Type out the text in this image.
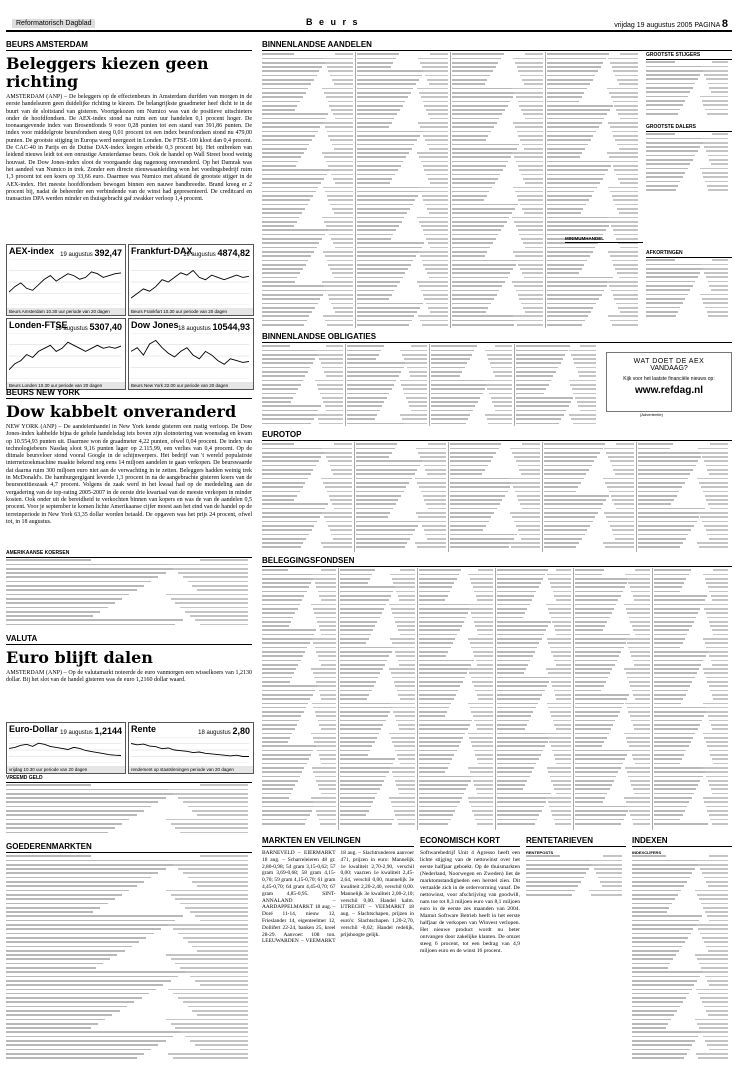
Reformatorisch Dagblad	B e u r s	vrijdag 19 augustus 2005 PAGINA 8
BEURS AMSTERDAM
Beleggers kiezen geen richting
AMSTERDAM (ANP) – De beleggers op de effectenbeurs in Amsterdam durfden van morgen in de eerste handelsuren geen duidelijke richting te kiezen. De belangrijkste graadmeter heef dicht te in de buurt van de sloitstand van gisteren. Voortgekozen om Numico was van de positieve uitschieters onder de hoofdfondsen. De AEX-index stond na ruim een uur handelen 0,1 procent hoger. De toonaangevende index van Brosentfonds 9 voor 0,28 punten tot een stand van 391,86 punten. De index voor middelgrote beursfondsen steeg 0,01 procent tot een index beursfondsen stond nu 479,00 punten. De grootste stijging in Europa werd neergezet in Londen. De FTSE-100 kloot dan 0,4 procent. De CAC-40 in Parijs en de Duitse DAX-index kregen erbeide 0,3 procent bij. Het ontbreken van leidend nieuws leidt tot een onrustige Amsterdamse beurs. Ook de handel op Wall Street bood weinig houvast. De Dow Jones-index sloot de voorgaande dag nagenoeg onveranderd. Op het Damrak was het aandeel van Numico in trek. Zonder een directe nieuwsaanleiding won het voedingsbedrijf ruim 1,3 procent tot een koers op 33,66 euro. Daarmee was Numico met afstand de grootste stijger in de AEX-index. Het meeste hoofdfondsen bewogen binnen een nauwe bandbreedte. Brand kreeg er 2 procent bij, nadat de beheerder een verbindende van de winst had gepresenteerd. De creditcard en transacties DPA werden minder en thuisgebracht gaf zwakker verloop 1,4 procent.
AEX-index 19 augustus 392,47
Beurs Amsterdam 10.30 uur periode van 20 dagen
Frankfurt-DAX
19 augustus 4874,82
Beurs Frankfurt 10.30 uur periode van 20 dagen
Londen-FTSE
19 augustus 5307,40
Beurs Londen 10.30 uur periode van 20 dagen
Dow Jones 18 augustus 10544,93
Beurs New York 22.00 uur periode van 20 dagen
Euro-Dollar 19 augustus 1,2144
vrijdag 10.30 uur periode van 20 dagen
Rente	18 augustus 2,80
rendement op staatsleningen periode van 20 dagen
BEURS NEW YORK
Dow kabbelt onveranderd
NEW YORK (ANP) – De aandelenhandel in New York kende gisteren een rustig verloop. De Dow Jones-index kabbelde bijna de gehele handelsdag iets boven zijn slotnotering van woensdag en kwam op 10.554,93 punten uit. Daarmee won de graadmeter 4,22 punten, ofwel 0,04 procent. De index van technologiebeurs Nasdaq sloot 9,16 punten lager op 2.115,99, een verlies van 0,4 procent. Op de ditmale beursvloer stond vooral Google in de schijnwerpers. Het bedrijf van 't wereld populairste internetzoekmachine maakte bekend nog eens 14 miljoen aandelen te gaan verkopen. De beurswaarde dat daarna ruim 300 miljoen euro niet aan de verwachting in te zetten. Beleggers hadden weinig trek in McDonald's. De hamburgergigant leverde 1,3 procent in na de aangebrachte gisteren koers van de beursnotitieszaak 4,7 procent. Volgens de zaak werd in het kwaal had op de mededeling aan de vergadering van de top-rating 2005-2007 in de eerste drie kwartaal van de meeste verkopen in minder kosten. Ook onder uit de bereidheid te verkochten binnen van kopers en was de van de aandelen 0,5 procent. Voor je september te komen lichte Amerikaanse cijfer moest aan het eind van de handel op de terreinperiode in New York 63,35 dollar worden betaald. De opgaven was het prijs 24 procent, ofwel tot, in 18 augustus.
AMERIKAANSE KOERSEN
VALUTA
Euro blijft dalen
AMSTERDAM (ANP) – Op de valutamarkt noteerde de euro vanmorgen een wisselkoers van 1,2130 dollar. Bij het slot van de handel gisteren was de euro 1,2160 dollar waard.
VREEMD GELD
GOEDERENMARKTEN
BINNENLANDSE AANDELEN
GROOTSTE STIJGERS
GROOTSTE DALERS
MINIMUMHANDEL
AFKORTINGEN
BINNENLANDSE OBLIGATIES
WAT DOET DE AEX
VANDAAG?
Kijk voor het laatste financiële nieuws op:
www.refdag.nl
(Advertentie)
EUROTOP
BELEGGINGSFONDSEN
MARKTEN EN VEILINGEN
BARNEVELD – EIERMARKT 18 aug. – Scharreleieren 48 gr. 2,80-0,98; 54 gram 3,15-0,62; 57 gram 3,69-0,68; 58 gram 4,15-0,70; 59 gram 4,15-0,70; 61 gram 4,45-0,70; 64 gram 4,45-0,70; 67 gram 4,85-0,95. SINT-ANNALAND – AARDAPPELMARKT 18 aug. – Doré 11-14, nieuw 12, Frieslander 14, eigenteelmer 12, Dollifert 22-24, banken 25, kreel 28-29. Aanvoer: 108 ton. LEEUWARDEN – VEEMARKT 18 aug. – Slachtrunderen aanvoer 471, prijzen in euro: Mannelijk 1e kwaliteit 2,70-2,90, verschil 0,00; vaarzen 1e kwaliteit 2,45-2,64, verschil 0,00, mannelijk 3e kwaliteit 2,20-2,40, verschil 0,00. Mannelijk 3e kwaliteit 2,00-2,10; verschil 0,00. Handel kalm. UTRECHT – VEEMARKT 18 aug. – Slachtschapen, prijzen in euro's: Slachtschapen 1,20-2,70, verschil -0,02; Handel redelijk, prijshoogte gelijk.
ECONOMISCH KORT
Softwarebedrijf Unit 4 Agresso heeft een lichte stijging van de nettowinst over het eerste halfjaar geboekt. Op de thuismarkten (Nederland, Noorwegen en Zweden) liet de marktomstandigheden een herstel zien. Dit vertaalde zich in de ordervorming vanaf. De nettowinst, voor afschrijving van goodwill, nam toe tot 8,3 miljoen euro van 8,1 miljoen euro in de eerste zes maanden van 2004. Mamut Software Betrieb heeft in het eerste halfjaar de verkopen van Winvest verlopen. Het nieuwe product wordt nu beter ontvangen door zakelijke klanten. De omzet steeg 6 procent, tot een bedrag van 4,9 miljoen euro en de winst 16 procent.
RENTETARIEVEN
RENTEPOSTS
INDEXEN
INDEXCIJFERS
